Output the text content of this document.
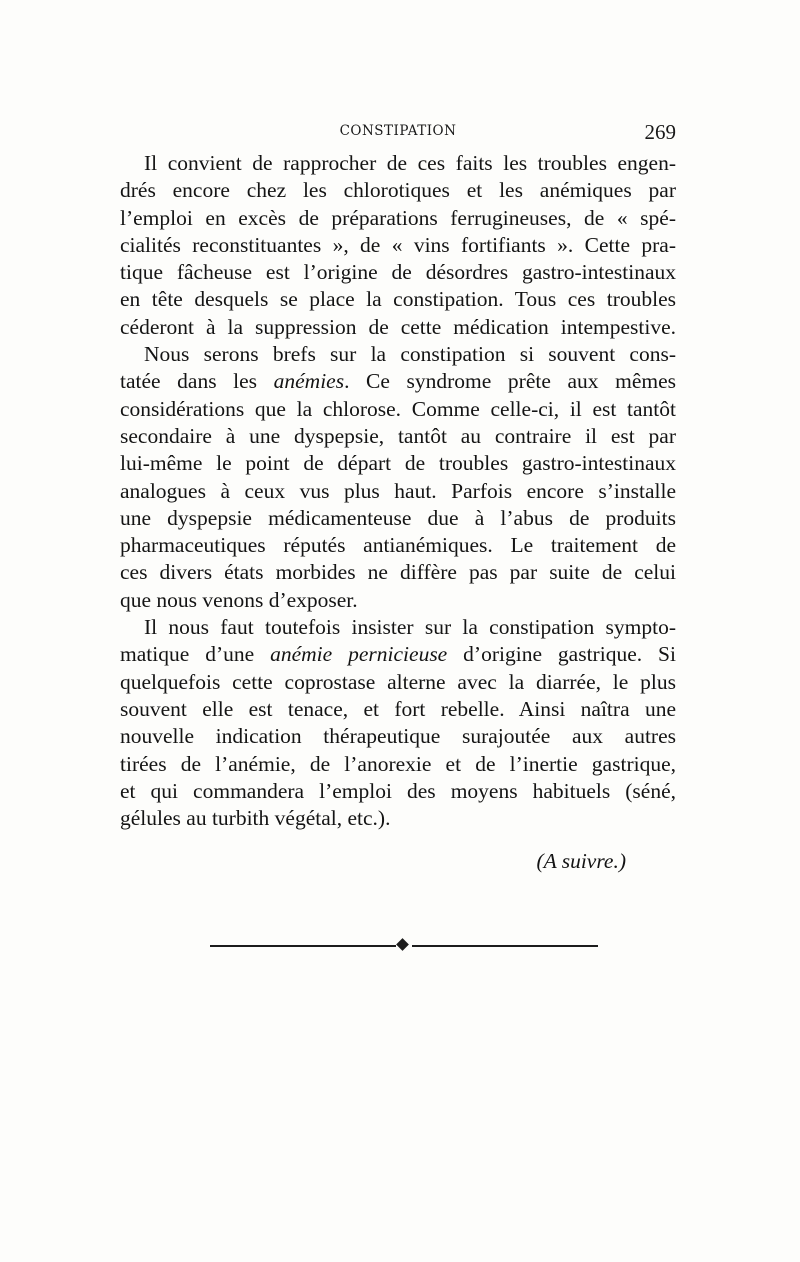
CONSTIPATION	269
Il convient de rapprocher de ces faits les troubles engen-
drés encore chez les chlorotiques et les anémiques par
l’emploi en excès de préparations ferrugineuses, de « spé-
cialités reconstituantes », de « vins fortifiants ». Cette pra-
tique fâcheuse est l’origine de désordres gastro-intestinaux
en tête desquels se place la constipation. Tous ces troubles
céderont à la suppression de cette médication intempestive.
Nous serons brefs sur la constipation si souvent cons-
tatée dans les anémies. Ce syndrome prête aux mêmes
considérations que la chlorose. Comme celle-ci, il est tantôt
secondaire à une dyspepsie, tantôt au contraire il est par
lui-même le point de départ de troubles gastro-intestinaux
analogues à ceux vus plus haut. Parfois encore s’installe
une dyspepsie médicamenteuse due à l’abus de produits
pharmaceutiques réputés antianémiques. Le traitement de
ces divers états morbides ne diffère pas par suite de celui
que nous venons d’exposer.
Il nous faut toutefois insister sur la constipation sympto-
matique d’une anémie pernicieuse d’origine gastrique. Si
quelquefois cette coprostase alterne avec la diarrée, le plus
souvent elle est tenace, et fort rebelle. Ainsi naîtra une
nouvelle indication thérapeutique surajoutée aux autres
tirées de l’anémie, de l’anorexie et de l’inertie gastrique,
et qui commandera l’emploi des moyens habituels (séné,
gélules au turbith végétal, etc.).
(A suivre.)
